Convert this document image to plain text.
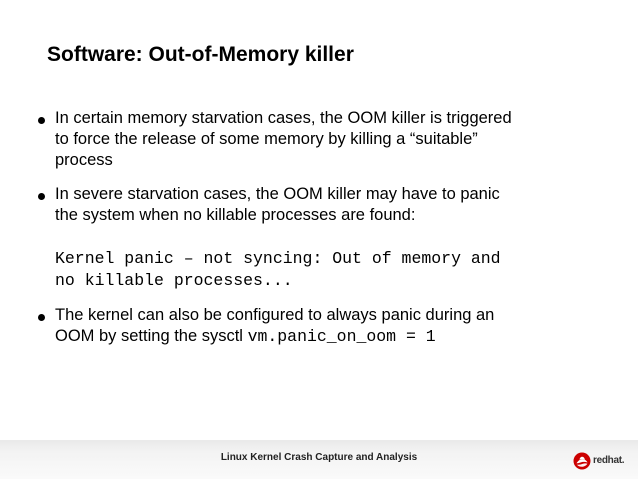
Software: Out-of-Memory killer
In certain memory starvation cases, the OOM killer is triggered
to force the release of some memory by killing a “suitable”
process
In severe starvation cases, the OOM killer may have to panic
the system when no killable processes are found:
Kernel panic – not syncing: Out of memory and
no killable processes...
The kernel can also be configured to always panic during an
OOM by setting the sysctl vm.panic_on_oom = 1
Linux Kernel Crash Capture and Analysis	redhat.
